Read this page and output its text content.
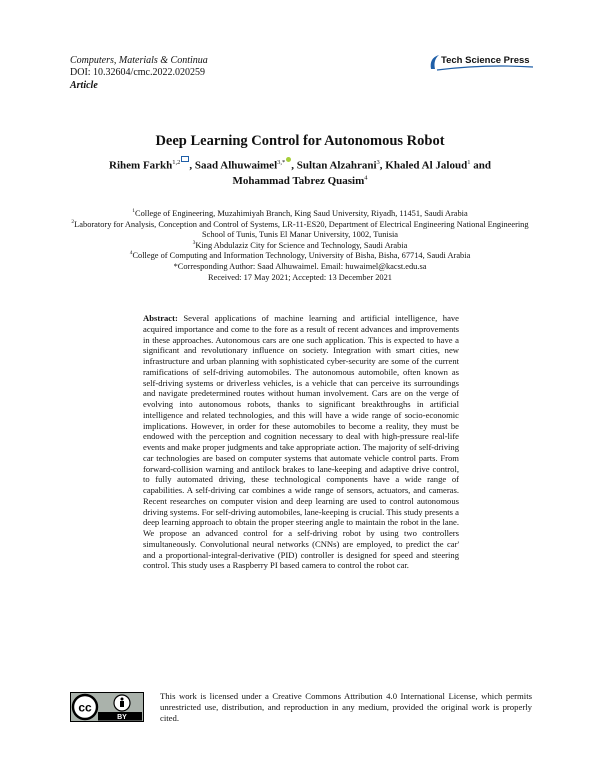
Computers, Materials & Continua
DOI: 10.32604/cmc.2022.020259
Article
Tech Science Press
Deep Learning Control for Autonomous Robot
Rihem Farkh$^{1,2}$ , Saad Alhuwaimel$^{3,*}$ , Sultan Alzahrani$^3$, Khaled Al Jaloud$^1$ and
Mohammad Tabrez Quasim$^4$
$^1$College of Engineering, Muzahimiyah Branch, King Saud University, Riyadh, 11451, Saudi Arabia
$^2$Laboratory for Analysis, Conception and Control of Systems, LR-11-ES20, Department of Electrical Engineering National Engineering School of Tunis, Tunis El Manar University, 1002, Tunisia
$^3$King Abdulaziz City for Science and Technology, Saudi Arabia
$^4$College of Computing and Information Technology, University of Bisha, Bisha, 67714, Saudi Arabia
*Corresponding Author: Saad Alhuwaimel. Email: huwaimel@kacst.edu.sa
Received: 17 May 2021; Accepted: 13 December 2021
Abstract: Several applications of machine learning and artificial intelligence, have acquired importance and come to the fore as a result of recent advances and improvements in these approaches. Autonomous cars are one such application. This is expected to have a significant and revolutionary influence on society. Integration with smart cities, new infrastructure and urban planning with sophisticated cyber-security are some of the current ramifications of self-driving automobiles. The autonomous automobile, often known as self-driving systems or driverless vehicles, is a vehicle that can perceive its surroundings and navigate predetermined routes without human involvement. Cars are on the verge of evolving into autonomous robots, thanks to significant breakthroughs in artificial intelligence and related technologies, and this will have a wide range of socio-economic implications. However, in order for these automobiles to become a reality, they must be endowed with the perception and cognition necessary to deal with high-pressure real-life events and make proper judgments and take appropriate action. The majority of self-driving car technologies are based on computer systems that automate vehicle control parts. From forward-collision warning and antilock brakes to lane-keeping and adaptive drive control, to fully automated driving, these technological components have a wide range of capabilities. A self-driving car combines a wide range of sensors, actuators, and cameras. Recent researches on computer vision and deep learning are used to control autonomous driving systems. For self-driving automobiles, lane-keeping is crucial. This study presents a deep learning approach to obtain the proper steering angle to maintain the robot in the lane. We propose an advanced control for a self-driving robot by using two controllers simultaneously. Convolutional neural networks (CNNs) are employed, to predict the car' and a proportional-integral-derivative (PID) controller is designed for speed and steering control. This study uses a Raspberry PI based camera to control the robot car.
cc
BY
This work is licensed under a Creative Commons Attribution 4.0 International License, which permits unrestricted use, distribution, and reproduction in any medium, provided the original work is properly cited.
